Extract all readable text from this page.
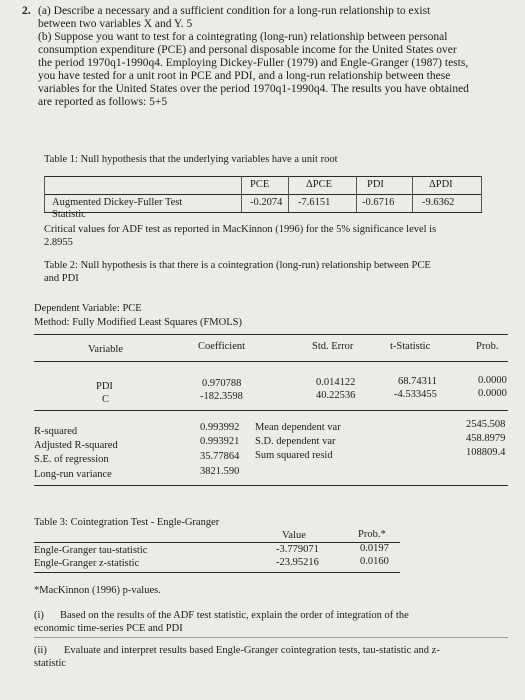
2. (a) Describe a necessary and a sufficient condition for a long-run relationship to exist
between two variables X and Y. 5
(b) Suppose you want to test for a cointegrating (long-run) relationship between personal
consumption expenditure (PCE) and personal disposable income for the United States over
the period 1970q1-1990q4. Employing Dickey-Fuller (1979) and Engle-Granger (1987) tests,
you have tested for a unit root in PCE and PDI, and a long-run relationship between these
variables for the United States over the period 1970q1-1990q4. The results you have obtained
are reported as follows: 5+5
Table 1: Null hypothesis that the underlying variables have a unit root
PCE	ΔPCE	PDI	ΔPDI
Augmented Dickey-Fuller Test
Statistic
-0.2074 -7.6151	-0.6716	-9.6362
Critical values for ADF test as reported in MacKinnon (1996) for the 5% significance level is
2.8955
Table 2: Null hypothesis is that there is a cointegration (long-run) relationship between PCE
and PDI
Dependent Variable: PCE
Method: Fully Modified Least Squares (FMOLS)
Variable	Coefficient	Std. Error	t-Statistic	Prob.
PDI	0.970788	0.014122	68.74311	0.0000
C	-182.3598	40.22536	-4.533455	0.0000
R-squared	0.993992 Mean dependent var	2545.508
Adjusted R-squared	0.993921 S.D. dependent var	458.8979
S.E. of regression	35.77864 Sum squared resid	108809.4
Long-run variance	3821.590
Table 3: Cointegration Test - Engle-Granger
Value	Prob.*
Engle-Granger tau-statistic	-3.779071	0.0197
Engle-Granger z-statistic	-23.95216	0.0160
*MacKinnon (1996) p-values.
(i) Based on the results of the ADF test statistic, explain the order of integration of the
economic time-series PCE and PDI
(ii) Evaluate and interpret results based Engle-Granger cointegration tests, tau-statistic and z-
statistic
